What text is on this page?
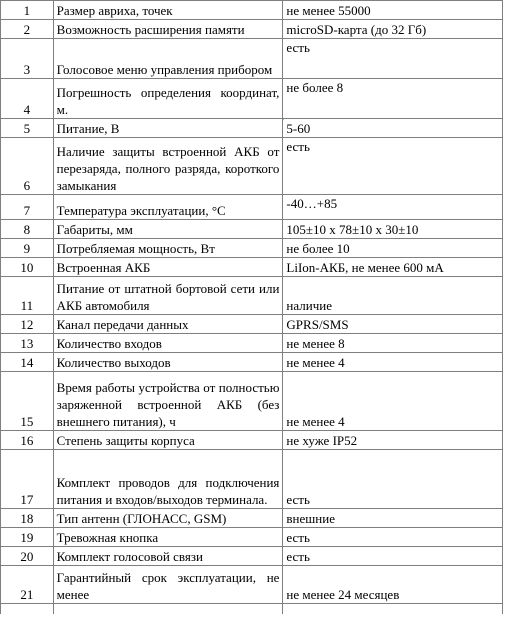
1	Размер авриха, точек	не менее 55000	
2	Возможность расширения памяти	microSD-карта (до 32 Гб)	
3	Голосовое меню управления прибором	есть	
4	Погрешность определения координат, м.	не более 8	
5	Питание, В	5-60	
6	Наличие защиты встроенной АКБ от перезаряда, полного разряда, короткого замыкания	есть	
7	Температура эксплуатации, °С	-40…+85	
8	Габариты, мм	105±10 х 78±10 х 30±10	
9	Потребляемая мощность, Вт	не более 10	
10	Встроенная АКБ	LiIon-АКБ, не менее 600 мА	
11	Питание от штатной бортовой сети или АКБ автомобиля	наличие	
12	Канал передачи данных	GPRS/SMS	
13	Количество входов	не менее 8	
14	Количество выходов	не менее 4	
15	Время работы устройства от полностью заряженной встроенной АКБ (без внешнего питания), ч	не менее 4	
16	Степень защиты корпуса	не хуже IP52	
17	Комплект проводов для подключения питания и входов/выходов терминала.	есть	
18	Тип антенн (ГЛОНАСС, GSM)	внешние	
19	Тревожная кнопка	есть	
20	Комплект голосовой связи	есть	
21	Гарантийный срок эксплуатации, не менее	не менее 24 месяцев	
